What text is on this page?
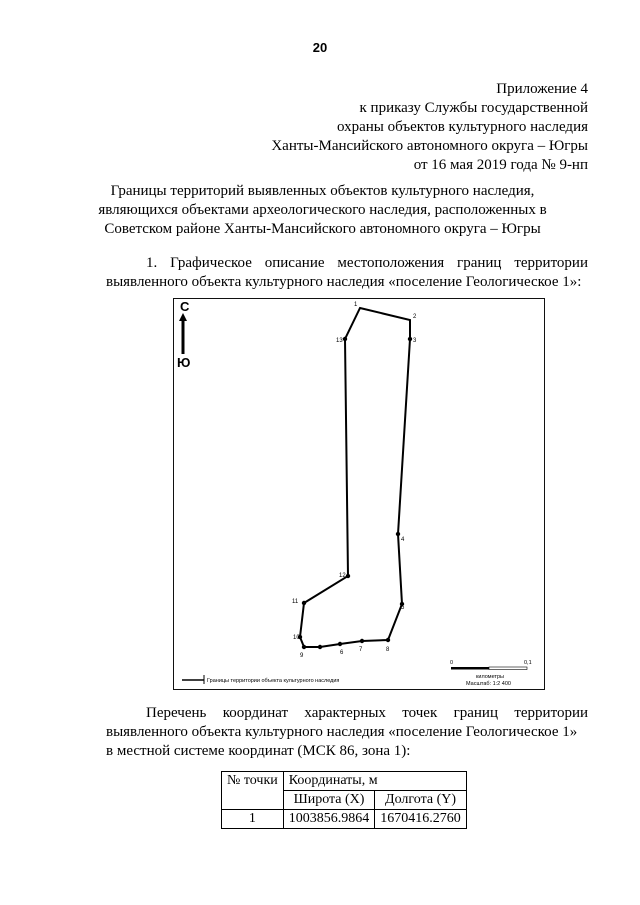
20
Приложение 4
к приказу Службы государственной
охраны объектов культурного наследия
Ханты-Мансийского автономного округа – Югры
от 16 мая 2019 года № 9-нп
Границы территорий выявленных объектов культурного наследия,
являющихся объектами археологического наследия, расположенных в
Советском районе Ханты-Мансийского автономного округа – Югры
1. Графическое описание местоположения границ территории
выявленного объекта культурного наследия «поселение Геологическое 1»:
С
Ю
1
2
3
4
5
8
7
6
9
10
11
12
13
Границы территории объекта культурного наследия
0	0,1
километры
Масштаб: 1:2 400
Перечень координат характерных точек границ территории
выявленного объекта культурного наследия «поселение Геологическое 1»
в местной системе координат (МСК 86, зона 1):
№ точки	Координаты, м	
	Широта (X)	Долгота (Y)
1	1003856.9864	1670416.2760
